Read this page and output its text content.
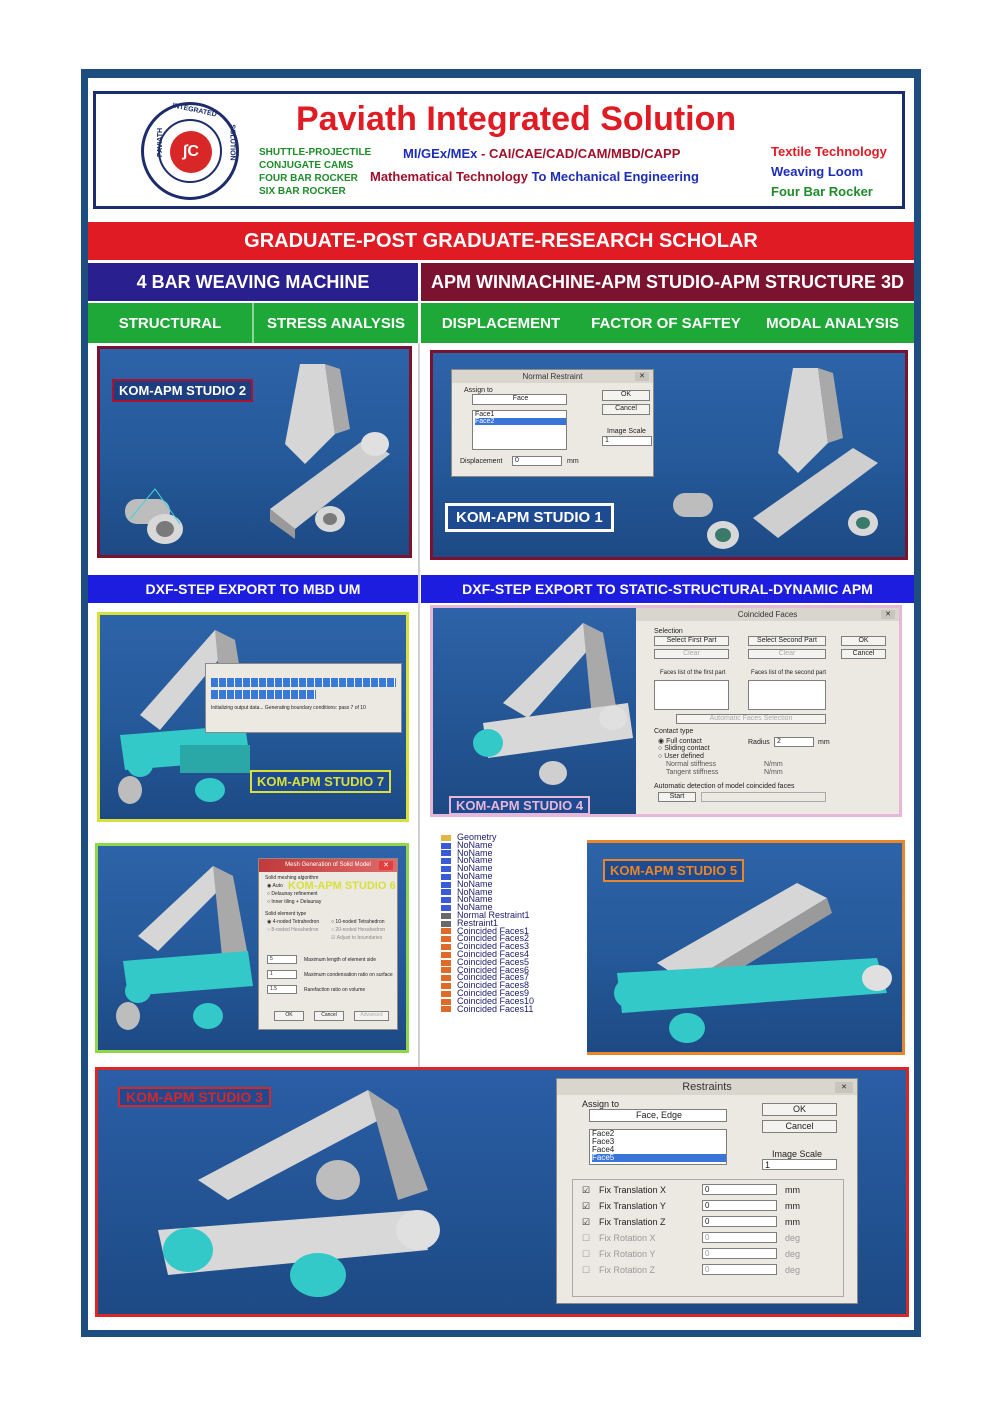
∫C
INTEGRATED
PAVIATH	SOLUTION
Paviath Integrated Solution
SHUTTLE-PROJECTILE
CONJUGATE CAMS
FOUR BAR ROCKER
SIX BAR ROCKER
MI/GEx/MEx - CAI/CAE/CAD/CAM/MBD/CAPP
Mathematical Technology To Mechanical Engineering
Textile Technology
Weaving Loom
Four Bar Rocker
GRADUATE-POST GRADUATE-RESEARCH SCHOLAR
4 BAR WEAVING MACHINE	APM WINMACHINE-APM STUDIO-APM STRUCTURE 3D
STRUCTURAL	STRESS ANALYSIS	DISPLACEMENT	FACTOR OF SAFTEY	MODAL ANALYSIS
KOM-APM STUDIO 2
Normal Restraint	✕
Assign to
Face
Face1
Face2
OK
Cancel
Image Scale
1
Displacement	0	mm
KOM-APM STUDIO 1
DXF-STEP EXPORT TO MBD UM	DXF-STEP EXPORT TO STATIC-STRUCTURAL-DYNAMIC APM
Initializing output data... Generating boundary conditions: pass 7 of 10
KOM-APM STUDIO 7
Coincided Faces	✕
Selection
Select First Part	Select Second Part
Clear	Clear
Faces list of the first part	Faces list of the second part
Automatic Faces Selection
OK
Cancel
Contact type
◉ Full contact
○ Sliding contact
○ User defined
Normal stiffness
Tangent stiffness
N/mm
N/mm
Radius	2	mm
Automatic detection of model coincided faces
Start
KOM-APM STUDIO 4
Mesh Generation of Solid Model	✕
Solid meshing algorithm
◉ Auto
○ Delaunay refinement
○ Inner tiling + Delaunay
Solid element type
◉ 4-noded Tetrahedron ○ 10-noded Tetrahedron
○ 8-noded Hexahedron	○ 20-noded Hexahedron
☑ Adjust to boundaries
5	Maximum length of element side
1	Maximum condensation ratio on surface
1.5	Rarefaction ratio on volume
OK	Cancel	Advanced
KOM-APM STUDIO 6
Geometry
NoName
NoName
NoName
NoName
NoName
NoName
NoName
NoName
NoName
Normal Restraint1
Restraint1
Coincided Faces1
Coincided Faces2
Coincided Faces3
Coincided Faces4
Coincided Faces5
Coincided Faces6
Coincided Faces7
Coincided Faces8
Coincided Faces9
Coincided Faces10
Coincided Faces11
KOM-APM STUDIO 5
KOM-APM STUDIO 3
Restraints	✕
Assign to
Face, Edge
Face2
Face3
Face4
Face5
OK
Cancel
Image Scale
1
☑ Fix Translation X	0	mm
☑ Fix Translation Y	0	mm
☑ Fix Translation Z	0	mm
☐ Fix Rotation X	0	deg
☐ Fix Rotation Y	0	deg
☐ Fix Rotation Z	0	deg
